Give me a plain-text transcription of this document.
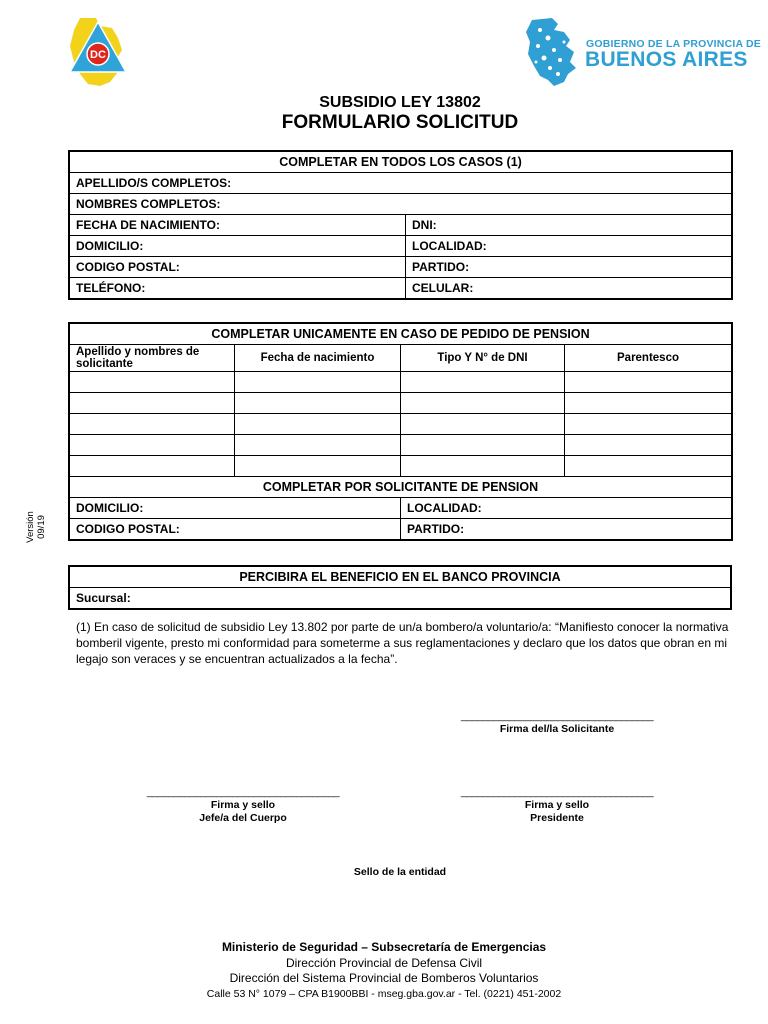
DC
GOBIERNO DE LA PROVINCIA DE
BUENOS AIRES
SUBSIDIO LEY 13802
FORMULARIO SOLICITUD
COMPLETAR EN TODOS LOS CASOS (1)	
APELLIDO/S COMPLETOS:	
NOMBRES COMPLETOS:	
FECHA DE NACIMIENTO:	DNI:
DOMICILIO:	LOCALIDAD:
CODIGO POSTAL:	PARTIDO:
TELÉFONO:	CELULAR:
COMPLETAR UNICAMENTE EN CASO DE PEDIDO DE PENSION			
Apellido y nombres de solicitante	Fecha de nacimiento	Tipo Y N° de DNI	Parentesco

COMPLETAR POR SOLICITANTE DE PENSION			
DOMICILIO:		LOCALIDAD:	
CODIGO POSTAL:		PARTIDO:	
PERCIBIRA EL BENEFICIO EN EL BANCO PROVINCIA
Sucursal:
Versión 09/19
(1) En caso de solicitud de subsidio Ley 13.802 por parte de un/a bombero/a voluntario/a: “Manifiesto conocer la normativa bomberil vigente, presto mi conformidad para someterme a sus reglamentaciones y declaro que los datos que obran en mi legajo son veraces y se encuentran actualizados a la fecha”.
____________________________________
Firma del/la Solicitante
____________________________________
Firma y sello
Jefe/a del Cuerpo
____________________________________
Firma y sello
Presidente
Sello de la entidad
Ministerio de Seguridad – Subsecretaría de Emergencias
Dirección Provincial de Defensa Civil
Dirección del Sistema Provincial de Bomberos Voluntarios
Calle 53 N° 1079 – CPA B1900BBI - mseg.gba.gov.ar - Tel. (0221) 451-2002
